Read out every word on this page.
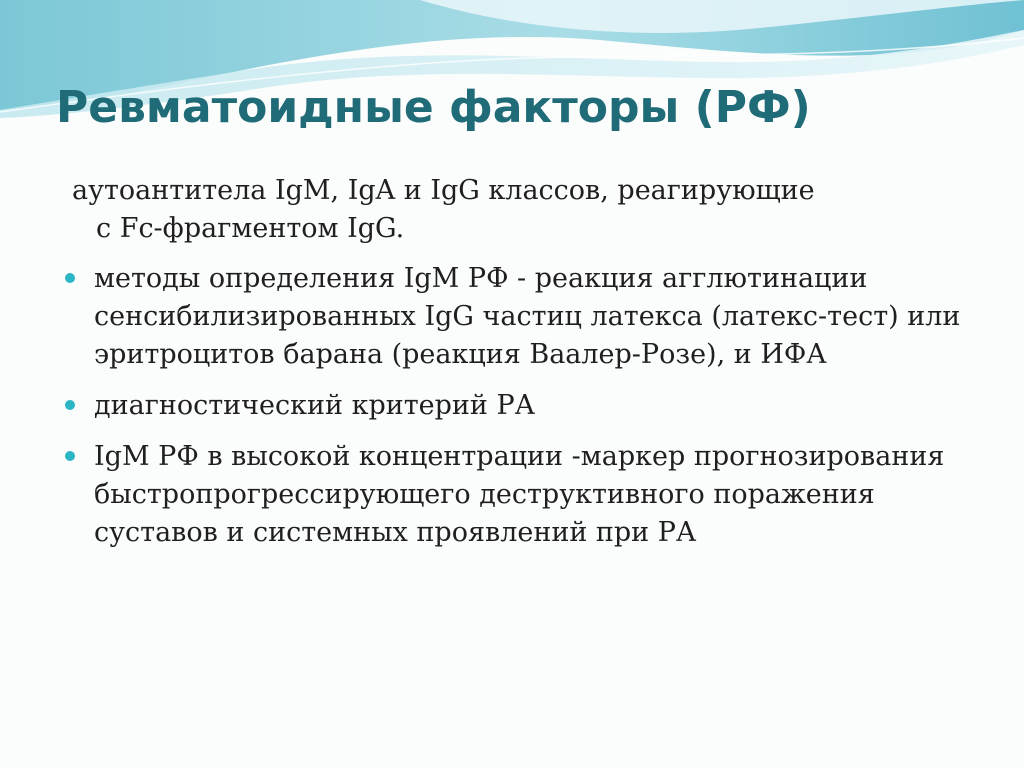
Ревматоидные факторы (РФ)

аутоантитела IgM, IgA и IgG классов, реагирующие
с Fc-фрагментом IgG.

методы определения IgM РФ - реакция агглютинации сенсибилизированных IgG частиц латекса (латекс-тест) или эритроцитов барана (реакция Ваалер-Розе), и ИФА
диагностический критерий РА
IgM РФ в высокой концентрации -маркер прогнозирования быстропрогрессирующего деструктивного поражения суставов и системных проявлений при РА
